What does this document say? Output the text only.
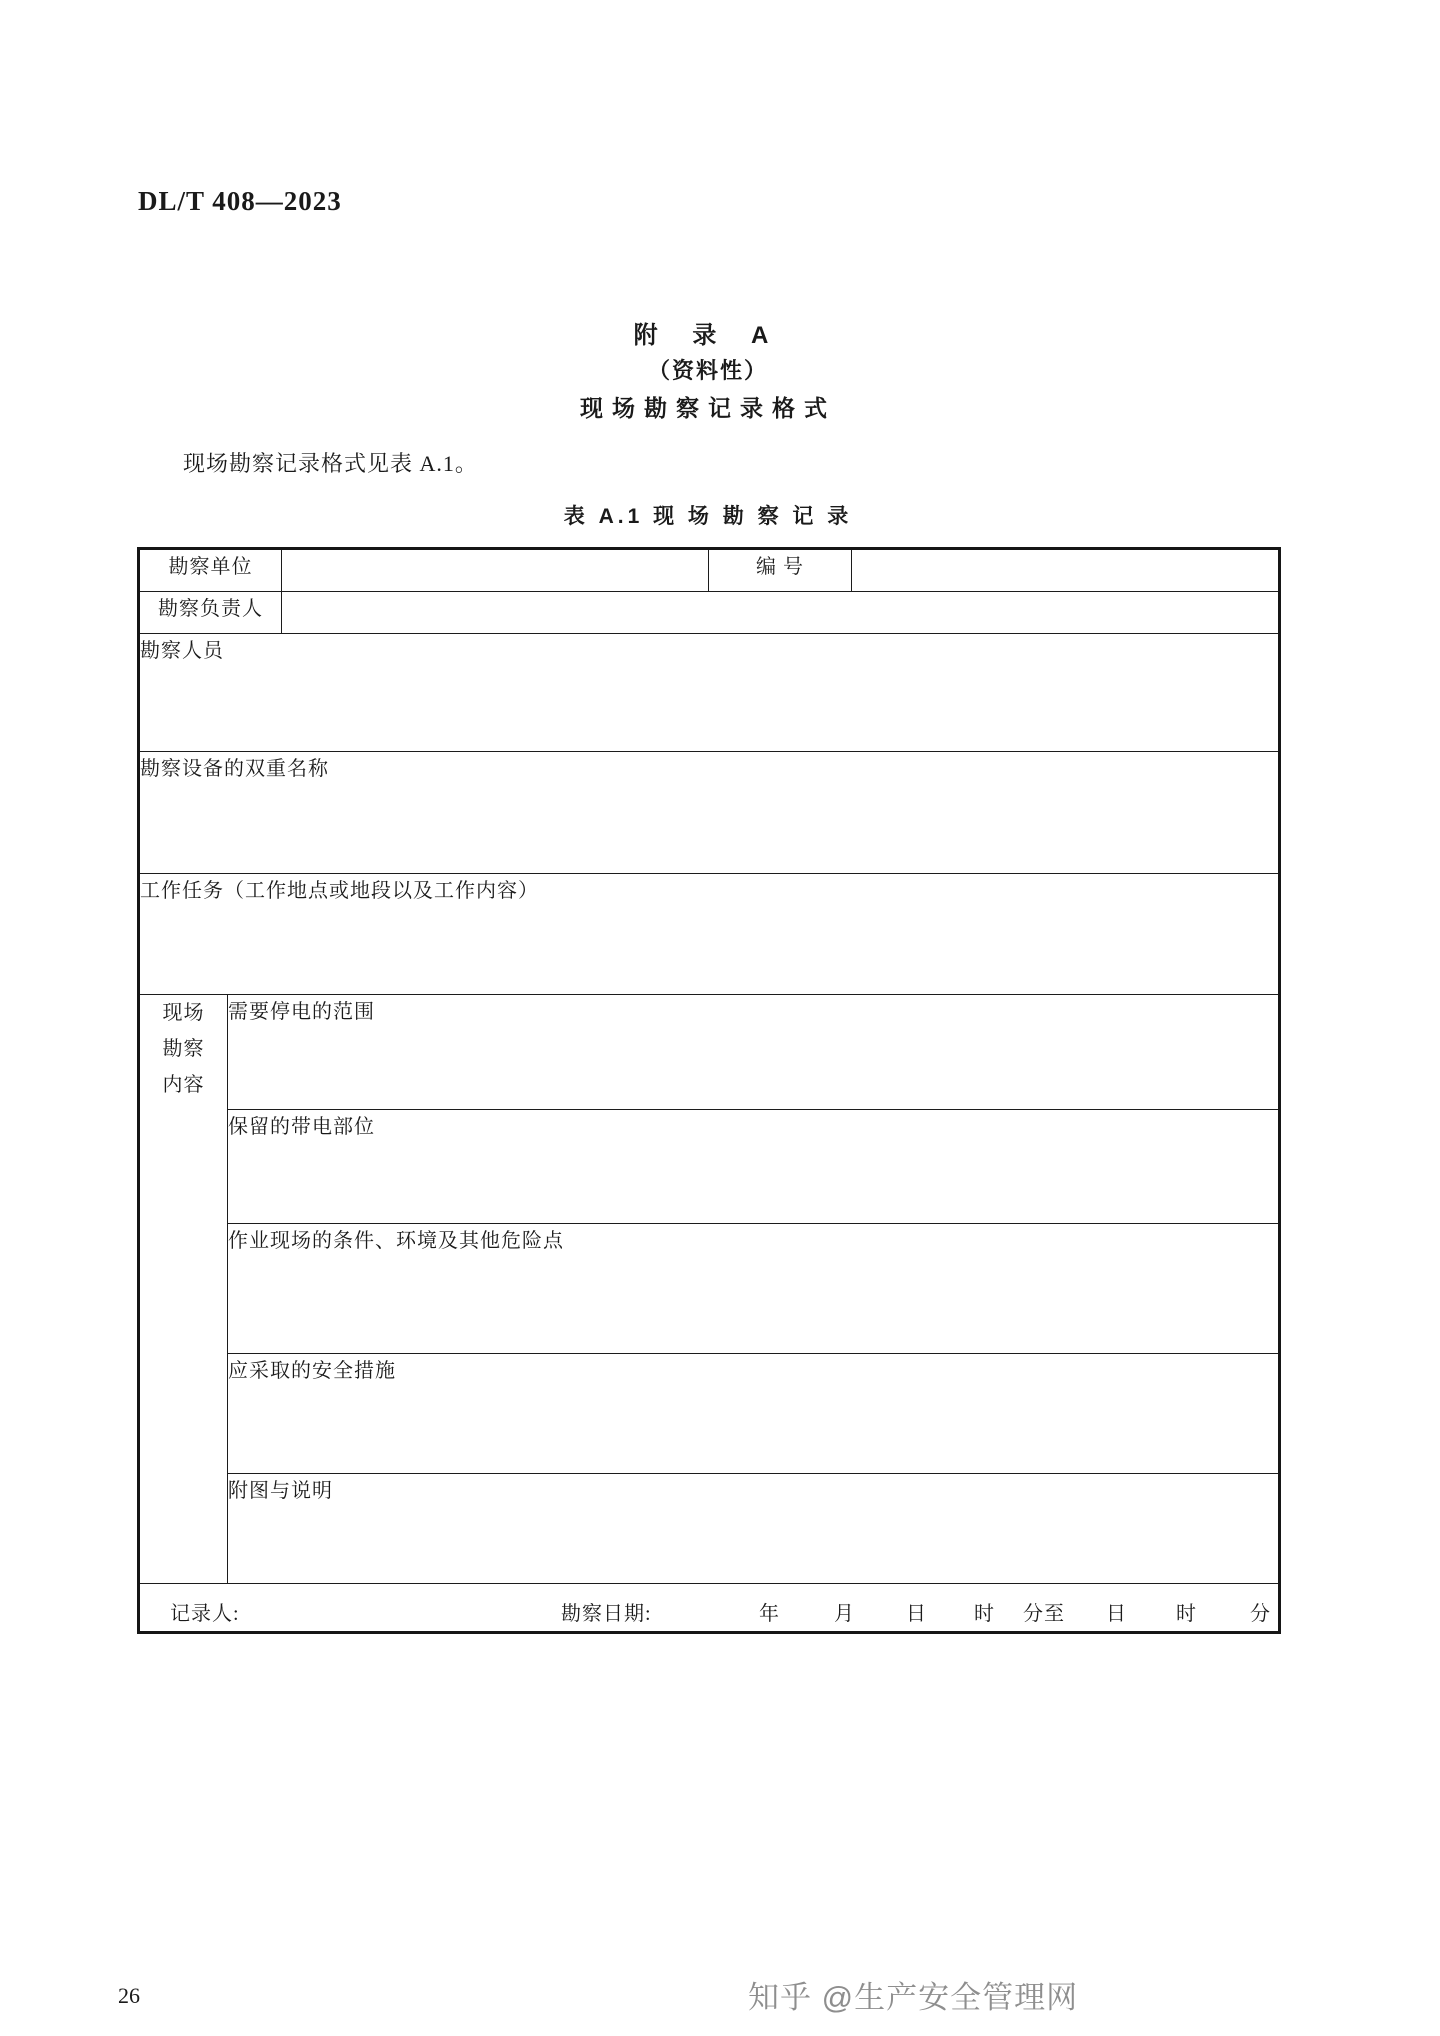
DL/T 408—2023
附 录 A
（资料性）
现场勘察记录格式
现场勘察记录格式见表 A.1。
表 A.1 现 场 勘 察 记 录
勘察单位			编 号	
勘察负责人				
勘察人员				
勘察设备的双重名称				
工作任务（工作地点或地段以及工作内容）				

现场
勘察
内容	需要停电的范围			
	保留的带电部位			
	作业现场的条件、环境及其他危险点			
	应采取的安全措施			
	附图与说明			

记录人:	勘察日期:	年	月	日 时 分至 日 时	分
26	知乎 @生产安全管理网
